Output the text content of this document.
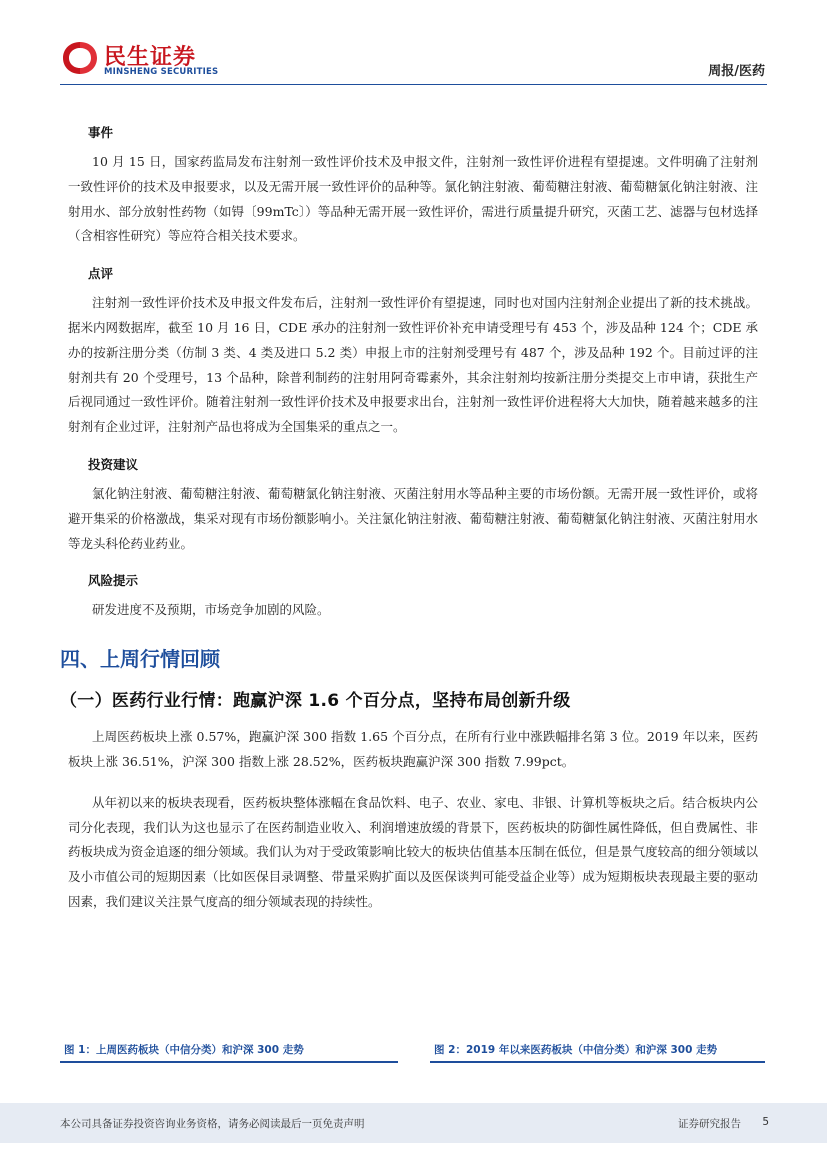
民生证券
MINSHENG SECURITIES	周报/医药
事件

10 月 15 日，国家药监局发布注射剂一致性评价技术及申报文件，注射剂一致性评价进程有望提速。文件明确了注射剂一致性评价的技术及申报要求，以及无需开展一致性评价的品种等。氯化钠注射液、葡萄糖注射液、葡萄糖氯化钠注射液、注射用水、部分放射性药物（如锝〔99mTc〕）等品种无需开展一致性评价，需进行质量提升研究，灭菌工艺、滤器与包材选择（含相容性研究）等应符合相关技术要求。

点评

注射剂一致性评价技术及申报文件发布后，注射剂一致性评价有望提速，同时也对国内注射剂企业提出了新的技术挑战。据米内网数据库，截至 10 月 16 日，CDE 承办的注射剂一致性评价补充申请受理号有 453 个，涉及品种 124 个；CDE 承办的按新注册分类（仿制 3 类、4 类及进口 5.2 类）申报上市的注射剂受理号有 487 个，涉及品种 192 个。目前过评的注射剂共有 20 个受理号，13 个品种，除普利制药的注射用阿奇霉素外，其余注射剂均按新注册分类提交上市申请，获批生产后视同通过一致性评价。随着注射剂一致性评价技术及申报要求出台，注射剂一致性评价进程将大大加快，随着越来越多的注射剂有企业过评，注射剂产品也将成为全国集采的重点之一。

投资建议

氯化钠注射液、葡萄糖注射液、葡萄糖氯化钠注射液、灭菌注射用水等品种主要的市场份额。无需开展一致性评价，或将避开集采的价格激战，集采对现有市场份额影响小。关注氯化钠注射液、葡萄糖注射液、葡萄糖氯化钠注射液、灭菌注射用水等龙头科伦药业药业。

风险提示

研发进度不及预期，市场竞争加剧的风险。

四、上周行情回顾
（一）医药行业行情：跑赢沪深 1.6 个百分点，坚持布局创新升级

上周医药板块上涨 0.57%，跑赢沪深 300 指数 1.65 个百分点，在所有行业中涨跌幅排名第 3 位。2019 年以来，医药板块上涨 36.51%，沪深 300 指数上涨 28.52%，医药板块跑赢沪深 300 指数 7.99pct。

从年初以来的板块表现看，医药板块整体涨幅在食品饮料、电子、农业、家电、非银、计算机等板块之后。结合板块内公司分化表现，我们认为这也显示了在医药制造业收入、利润增速放缓的背景下，医药板块的防御性属性降低，但自费属性、非药板块成为资金追逐的细分领域。我们认为对于受政策影响比较大的板块估值基本压制在低位，但是景气度较高的细分领域以及小市值公司的短期因素（比如医保目录调整、带量采购扩面以及医保谈判可能受益企业等）成为短期板块表现最主要的驱动因素，我们建议关注景气度高的细分领域表现的持续性。

图 1：上周医药板块（中信分类）和沪深 300 走势	图 2：2019 年以来医药板块（中信分类）和沪深 300 走势
本公司具备证券投资咨询业务资格，请务必阅读最后一页免责声明	证券研究报告 5
